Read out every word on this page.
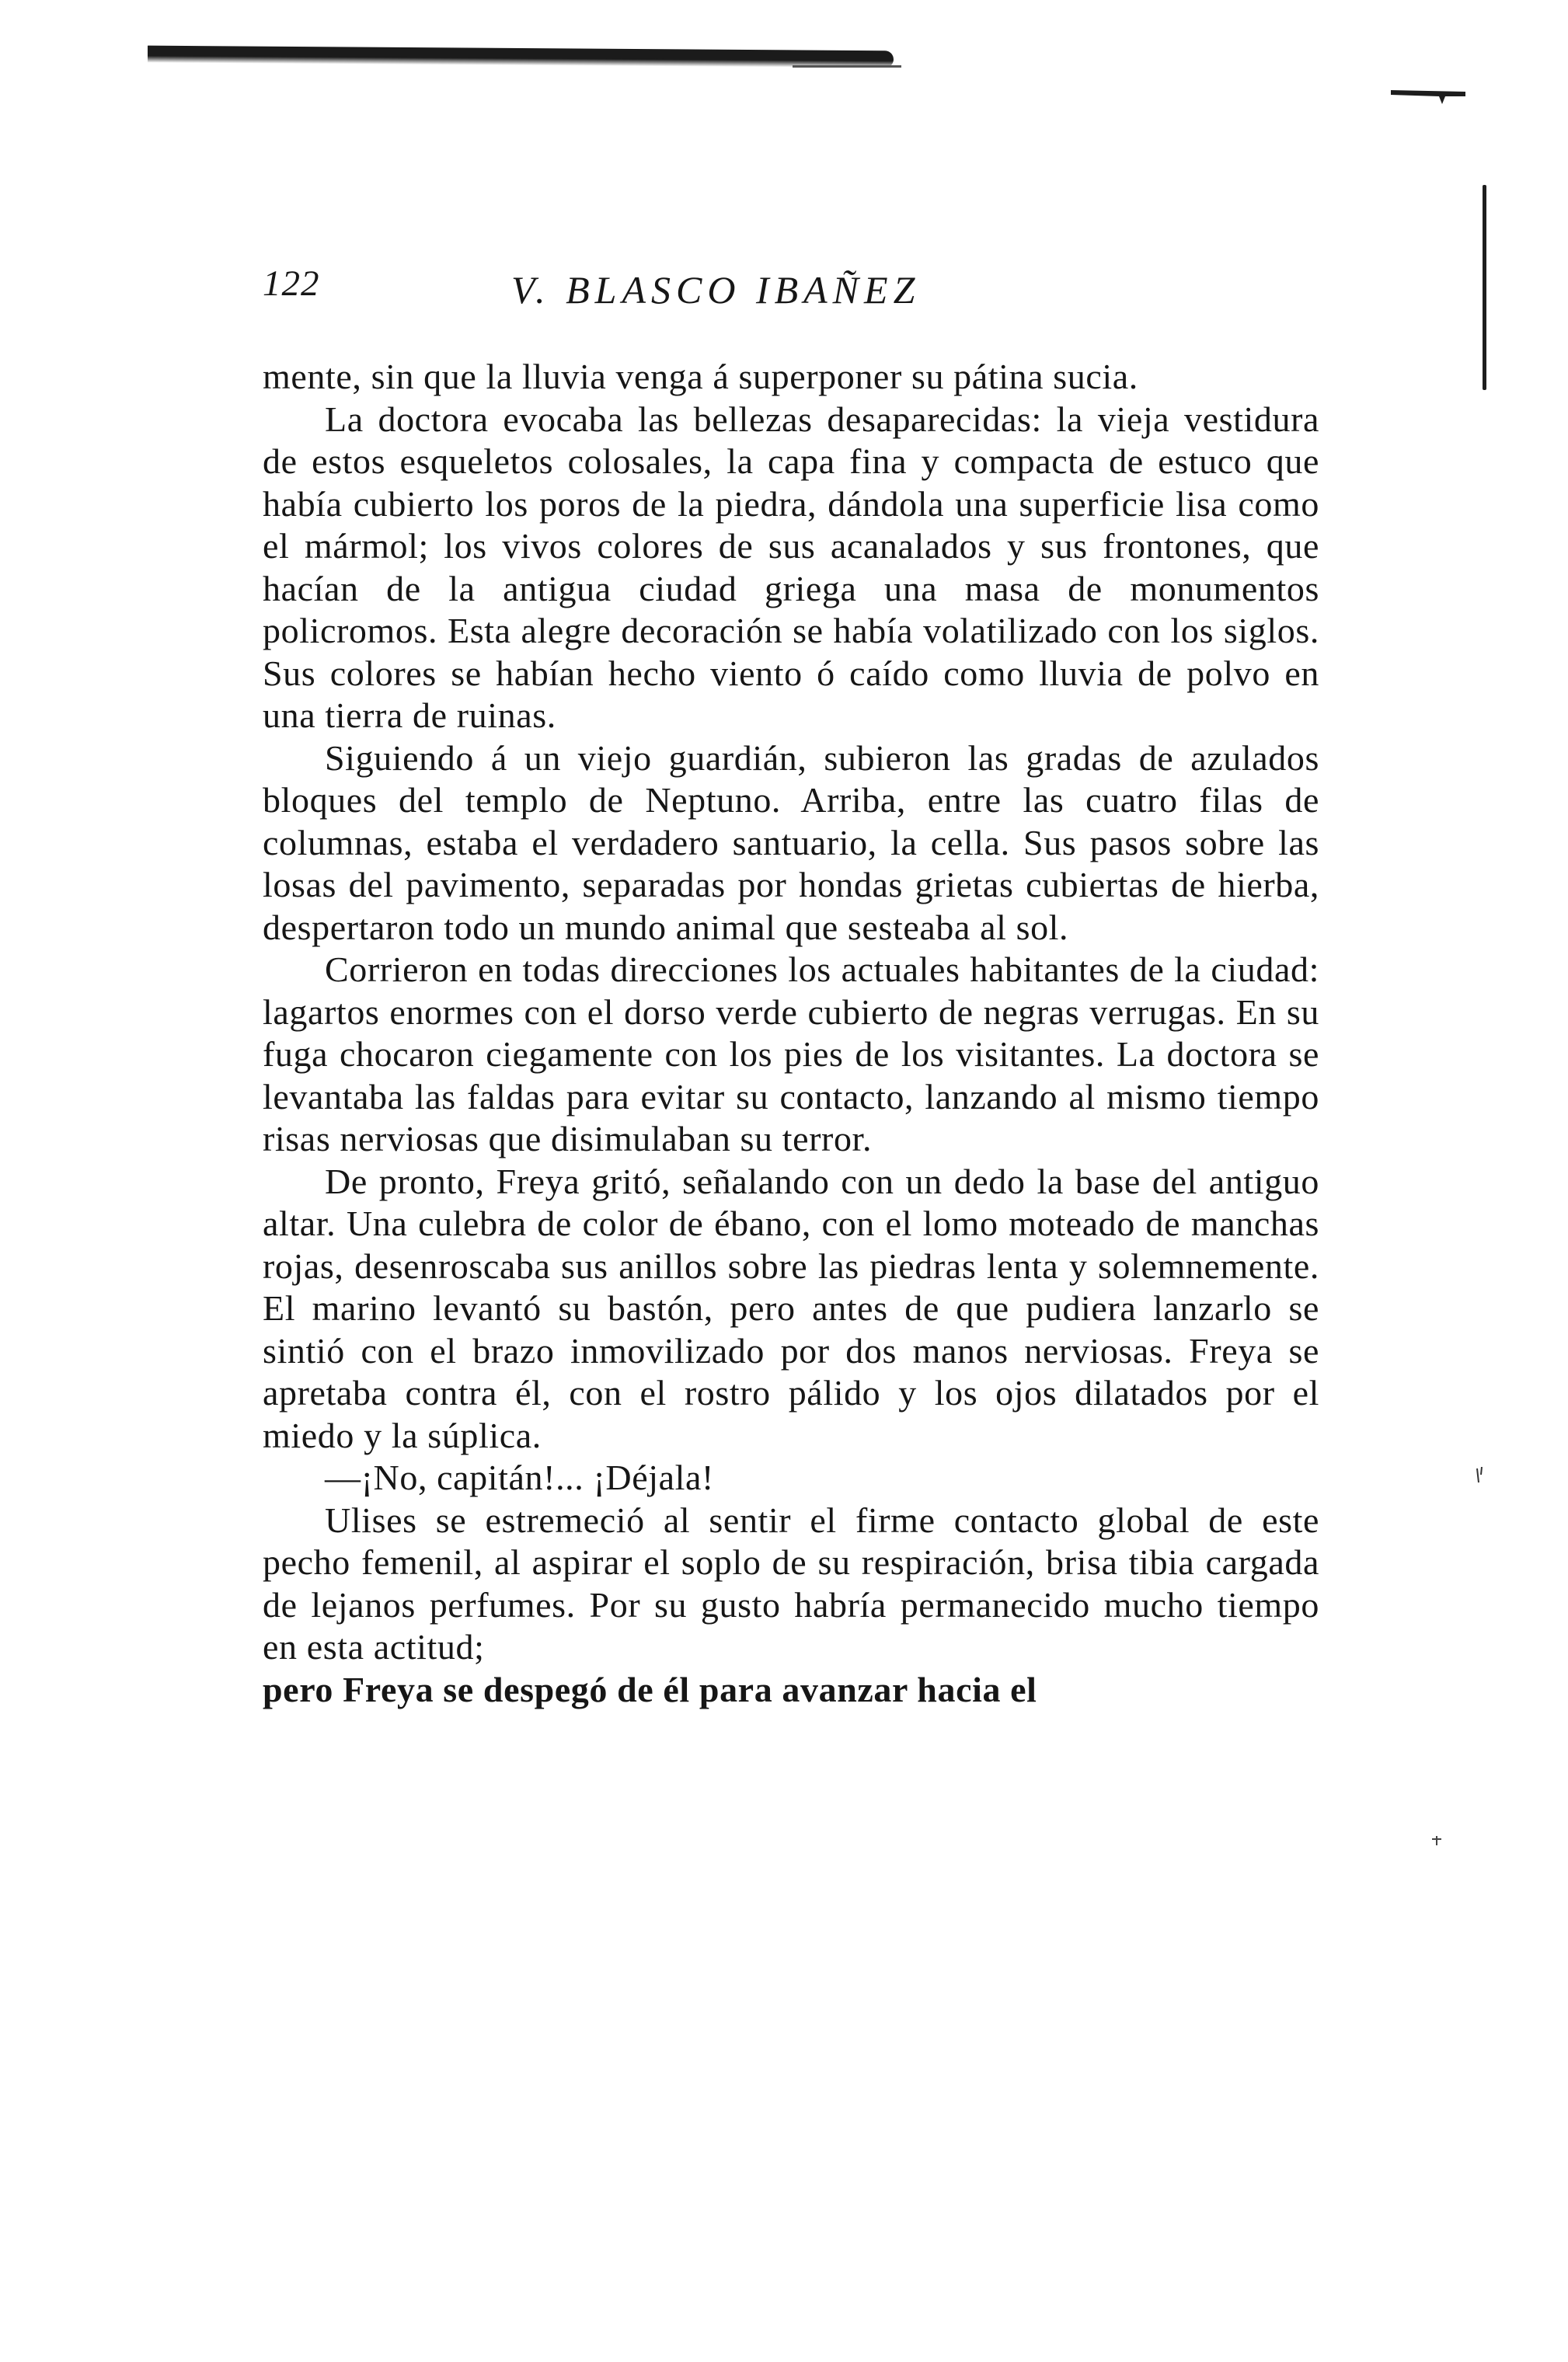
122	V. BLASCO IBAÑEZ

mente, sin que la lluvia venga á superponer su pátina sucia.

La doctora evocaba las bellezas desaparecidas: la vieja vestidura de estos esqueletos colosales, la capa fina y compacta de estuco que había cubierto los poros de la piedra, dándola una superficie lisa como el mármol; los vivos colores de sus acanalados y sus frontones, que hacían de la antigua ciudad griega una masa de monumentos policromos. Esta alegre decoración se había volatilizado con los siglos. Sus colores se habían hecho viento ó caído como lluvia de polvo en una tierra de ruinas.

Siguiendo á un viejo guardián, subieron las gradas de azulados bloques del templo de Neptuno. Arriba, entre las cuatro filas de columnas, estaba el verdadero santuario, la cella. Sus pasos sobre las losas del pavimento, separadas por hondas grietas cubiertas de hierba, despertaron todo un mundo animal que sesteaba al sol.

Corrieron en todas direcciones los actuales habitantes de la ciudad: lagartos enormes con el dorso verde cubierto de negras verrugas. En su fuga chocaron ciegamente con los pies de los visitantes. La doctora se levantaba las faldas para evitar su contacto, lanzando al mismo tiempo risas nerviosas que disimulaban su terror.

De pronto, Freya gritó, señalando con un dedo la base del antiguo altar. Una culebra de color de ébano, con el lomo moteado de manchas rojas, desenroscaba sus anillos sobre las piedras lenta y solemnemente. El marino levantó su bastón, pero antes de que pudiera lanzarlo se sintió con el brazo inmovilizado por dos manos nerviosas. Freya se apretaba contra él, con el rostro pálido y los ojos dilatados por el miedo y la súplica.

—¡No, capitán!... ¡Déjala!

Ulises se estremeció al sentir el firme contacto global de este pecho femenil, al aspirar el soplo de su respiración, brisa tibia cargada de lejanos perfumes. Por su gusto habría permanecido mucho tiempo en esta actitud;

pero Freya se despegó de él para avanzar hacia el
